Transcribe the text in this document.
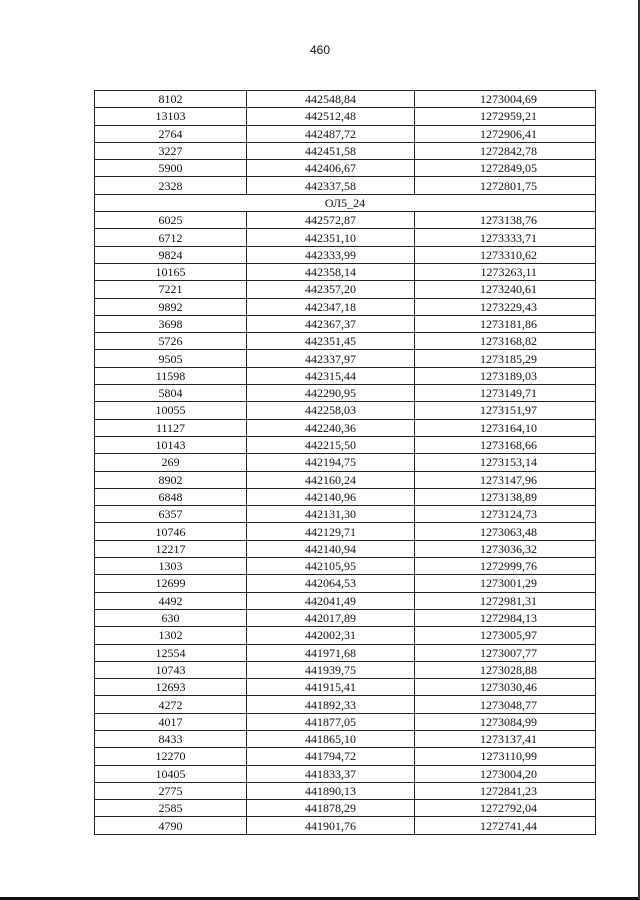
460
8102	442548,84	1273004,69
13103	442512,48	1272959,21
2764	442487,72	1272906,41
3227	442451,58	1272842,78
5900	442406,67	1272849,05
2328	442337,58	1272801,75
ОЛ5_24		
6025	442572,87	1273138,76
6712	442351,10	1273333,71
9824	442333,99	1273310,62
10165	442358,14	1273263,11
7221	442357,20	1273240,61
9892	442347,18	1273229,43
3698	442367,37	1273181,86
5726	442351,45	1273168,82
9505	442337,97	1273185,29
11598	442315,44	1273189,03
5804	442290,95	1273149,71
10055	442258,03	1273151,97
11127	442240,36	1273164,10
10143	442215,50	1273168,66
269	442194,75	1273153,14
8902	442160,24	1273147,96
6848	442140,96	1273138,89
6357	442131,30	1273124,73
10746	442129,71	1273063,48
12217	442140,94	1273036,32
1303	442105,95	1272999,76
12699	442064,53	1273001,29
4492	442041,49	1272981,31
630	442017,89	1272984,13
1302	442002,31	1273005,97
12554	441971,68	1273007,77
10743	441939,75	1273028,88
12693	441915,41	1273030,46
4272	441892,33	1273048,77
4017	441877,05	1273084,99
8433	441865,10	1273137,41
12270	441794,72	1273110,99
10405	441833,37	1273004,20
2775	441890,13	1272841,23
2585	441878,29	1272792,04
4790	441901,76	1272741,44
